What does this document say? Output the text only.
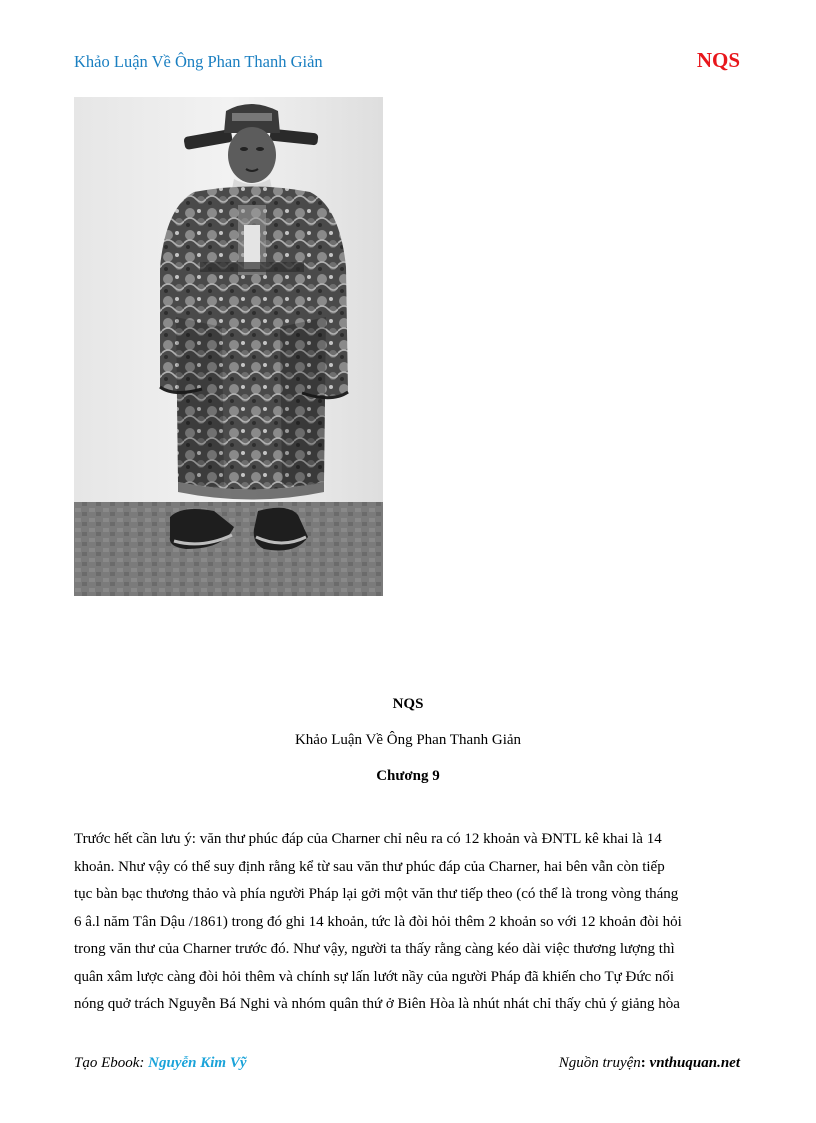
Khảo Luận Về Ông Phan Thanh Giản	NQS
NQS
Khảo Luận Về Ông Phan Thanh Giản
Chương 9

Trước hết cần lưu ý: văn thư phúc đáp của Charner chỉ nêu ra có 12 khoản và ĐNTL kê khai là 14
khoản. Như vậy có thể suy định rằng kể từ sau văn thư phúc đáp của Charner, hai bên vẫn còn tiếp
tục bàn bạc thương thảo và phía người Pháp lại gởi một văn thư tiếp theo (có thể là trong vòng tháng
6 â.l năm Tân Dậu /1861) trong đó ghi 14 khoản, tức là đòi hỏi thêm 2 khoản so với 12 khoản đòi hỏi
trong văn thư của Charner trước đó. Như vậy, người ta thấy rằng càng kéo dài việc thương lượng thì
quân xâm lược càng đòi hỏi thêm và chính sự lấn lướt nầy của người Pháp đã khiến cho Tự Đức nổi
nóng quở trách Nguyễn Bá Nghi và nhóm quân thứ ở Biên Hòa là nhút nhát chỉ thấy chủ ý giảng hòa

Tạo Ebook: Nguyễn Kim Vỹ	Nguồn truyện: vnthuquan.net
